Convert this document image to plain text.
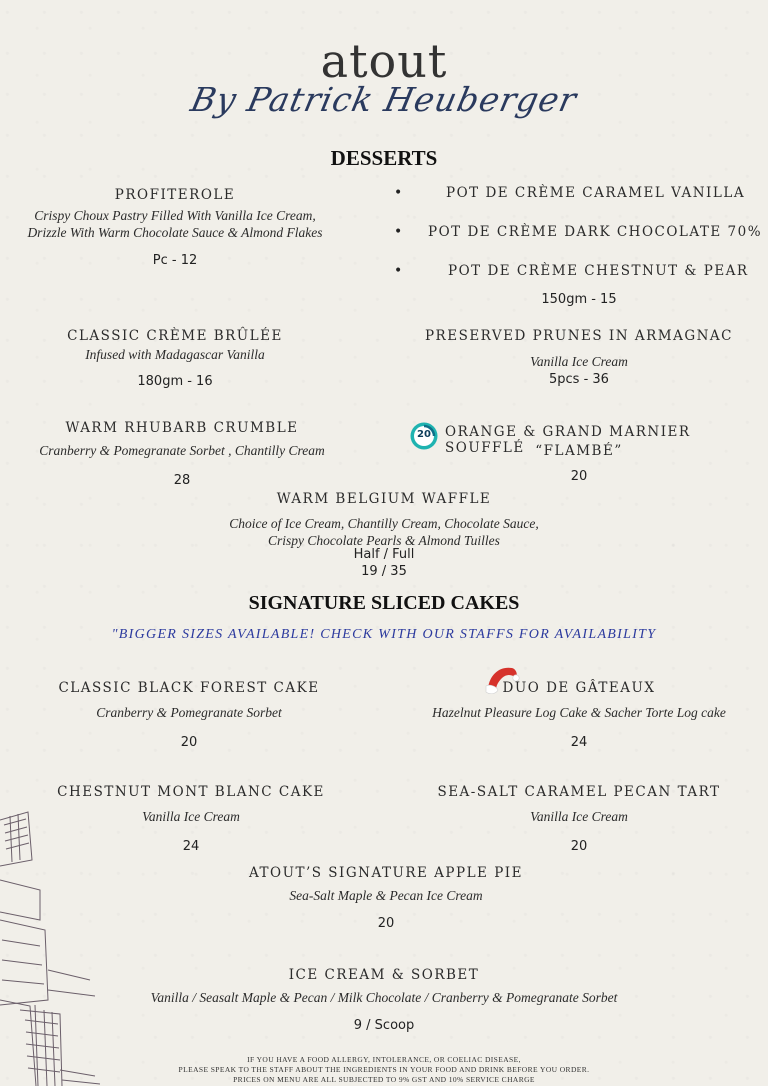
atout
By Patrick Heuberger
DESSERTS
PROFITEROLE
Crispy Choux Pastry Filled With Vanilla Ice Cream,
Drizzle With Warm Chocolate Sauce & Almond Flakes
Pc - 12
•	POT DE CRÈME CARAMEL VANILLA
• POT DE CRÈME DARK CHOCOLATE 70%
•	POT DE CRÈME CHESTNUT & PEAR
150gm - 15
CLASSIC CRÈME BRÛLÉE
Infused with Madagascar Vanilla
180gm - 16
PRESERVED PRUNES IN ARMAGNAC
Vanilla Ice Cream
5pcs - 36
WARM RHUBARB CRUMBLE
Cranberry & Pomegranate Sorbet , Chantilly Cream
28
20	ORANGE & GRAND MARNIER SOUFFLÉ “FLAMBÉ”
20
WARM BELGIUM WAFFLE
Choice of Ice Cream, Chantilly Cream, Chocolate Sauce,
Crispy Chocolate Pearls & Almond Tuilles
Half / Full
19 / 35
SIGNATURE SLICED CAKES
"BIGGER SIZES AVAILABLE! CHECK WITH OUR STAFFS FOR AVAILABILITY
CLASSIC BLACK FOREST CAKE
Cranberry & Pomegranate Sorbet
20
DUO DE GÂTEAUX
Hazelnut Pleasure Log Cake & Sacher Torte Log cake
24
CHESTNUT MONT BLANC CAKE
Vanilla Ice Cream
24
SEA-SALT CARAMEL PECAN TART
Vanilla Ice Cream
20
ATOUT’S SIGNATURE APPLE PIE
Sea-Salt Maple & Pecan Ice Cream
20
ICE CREAM & SORBET
Vanilla / Seasalt Maple & Pecan / Milk Chocolate / Cranberry & Pomegranate Sorbet
9 / Scoop
IF YOU HAVE A FOOD ALLERGY, INTOLERANCE, OR COELIAC DISEASE,
PLEASE SPEAK TO THE STAFF ABOUT THE INGREDIENTS IN YOUR FOOD AND DRINK BEFORE YOU ORDER.
PRICES ON MENU ARE ALL SUBJECTED TO 9% GST AND 10% SERVICE CHARGE
